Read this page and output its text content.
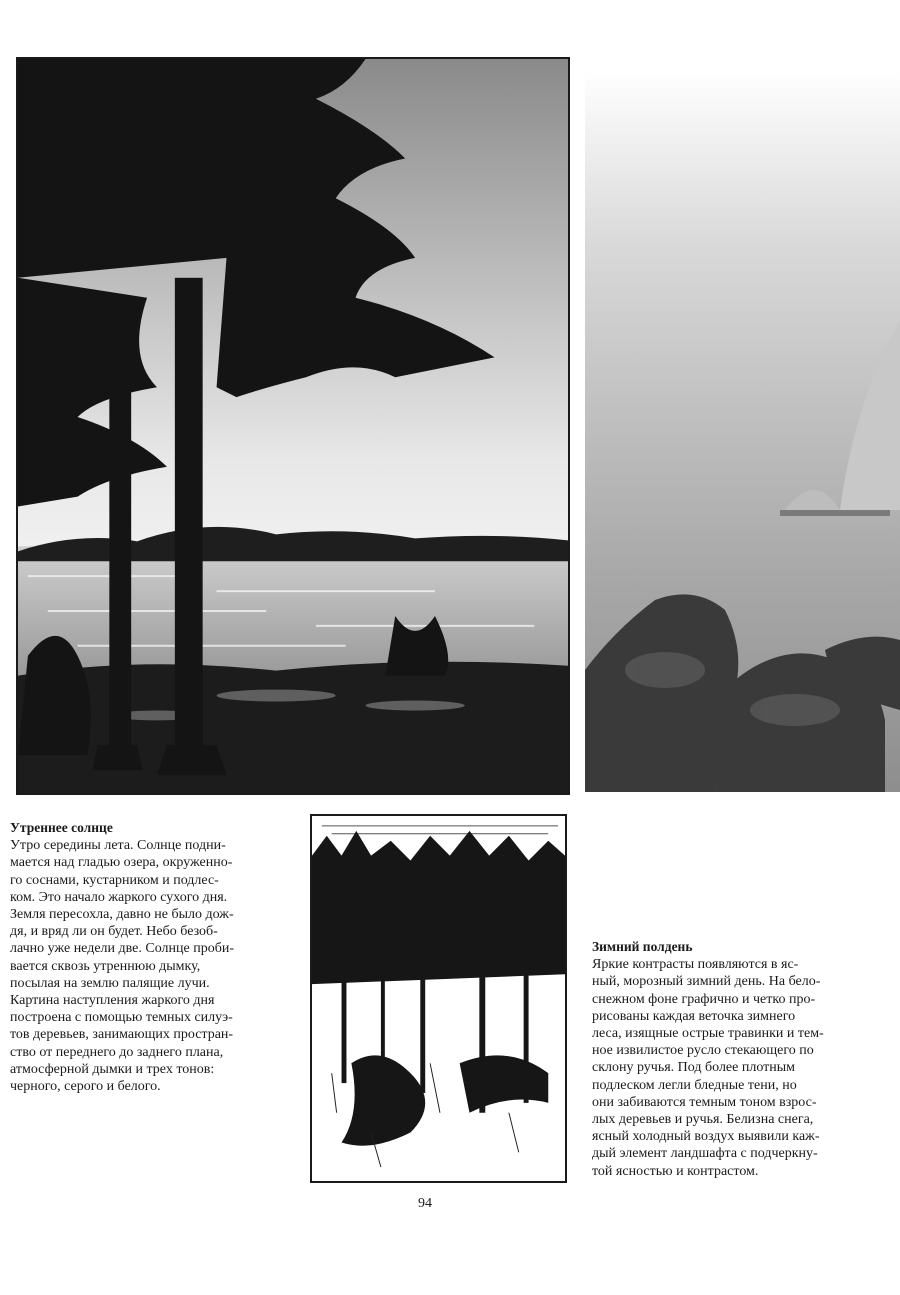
Утреннее солнце
Утро середины лета. Солнце подни-
мается над гладью озера, окруженно-
го соснами, кустарником и подлес-
ком. Это начало жаркого сухого дня.
Земля пересохла, давно не было дож-
дя, и вряд ли он будет. Небо безоб-
лачно уже недели две. Солнце проби-
вается сквозь утреннюю дымку,
посылая на землю палящие лучи.
Картина наступления жаркого дня
построена с помощью темных силуэ-
тов деревьев, занимающих простран-
ство от переднего до заднего плана,
атмосферной дымки и трех тонов:
черного, серого и белого.
Зимний полдень
Яркие контрасты появляются в яс-
ный, морозный зимний день. На бело-
снежном фоне графично и четко про-
рисованы каждая веточка зимнего
леса, изящные острые травинки и тем-
ное извилистое русло стекающего по
склону ручья. Под более плотным
подлеском легли бледные тени, но
они забиваются темным тоном взрос-
лых деревьев и ручья. Белизна снега,
ясный холодный воздух выявили каж-
дый элемент ландшафта с подчеркну-
той ясностью и контрастом.
94
